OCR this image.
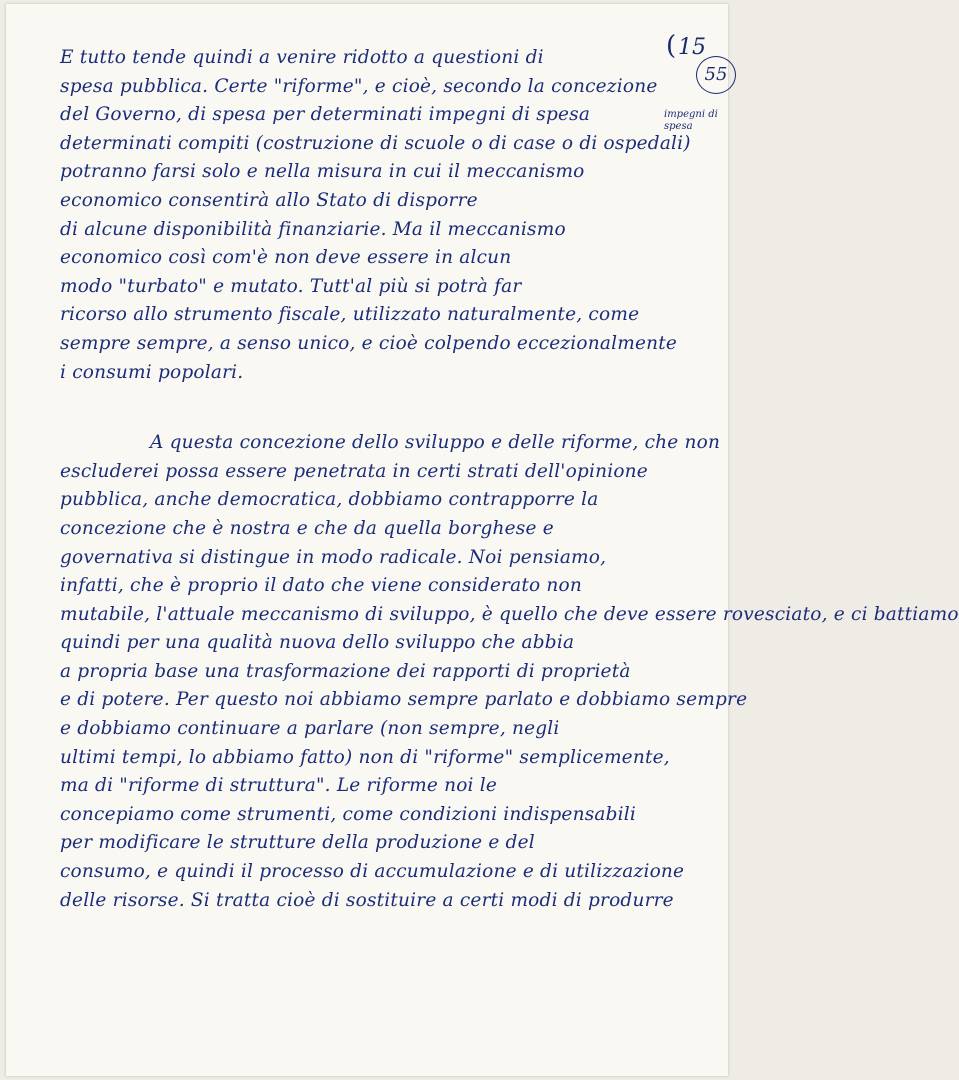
( 15
55
impegni di spesa
E tutto tende quindi a venire ridotto a questioni di
spesa pubblica. Certe "riforme", e cioè, secondo la concezione
del Governo, di spesa per determinati impegni di spesa
determinati compiti (costruzione di scuole o di case o di ospedali)
potranno farsi solo e nella misura in cui il meccanismo
economico consentirà allo Stato di disporre
di alcune disponibilità finanziarie. Ma il meccanismo
economico così com'è non deve essere in alcun
modo "turbato" e mutato. Tutt'al più si potrà far
ricorso allo strumento fiscale, utilizzato naturalmente, come
sempre sempre, a senso unico, e cioè colpendo eccezionalmente
i consumi popolari.
A questa concezione dello sviluppo e delle riforme, che non
escluderei possa essere penetrata in certi strati dell'opinione
pubblica, anche democratica, dobbiamo contrapporre la
concezione che è nostra e che da quella borghese e
governativa si distingue in modo radicale. Noi pensiamo,
infatti, che è proprio il dato che viene considerato non
mutabile, l'attuale meccanismo di sviluppo, è quello che deve essere rovesciato, e ci battiamo
quindi per una qualità nuova dello sviluppo che abbia
a propria base una trasformazione dei rapporti di proprietà
e di potere. Per questo noi abbiamo sempre parlato e dobbiamo sempre
e dobbiamo continuare a parlare (non sempre, negli
ultimi tempi, lo abbiamo fatto) non di "riforme" semplicemente,
ma di "riforme di struttura". Le riforme noi le
concepiamo come strumenti, come condizioni indispensabili
per modificare le strutture della produzione e del
consumo, e quindi il processo di accumulazione e di utilizzazione
delle risorse. Si tratta cioè di sostituire a certi modi di produrre
